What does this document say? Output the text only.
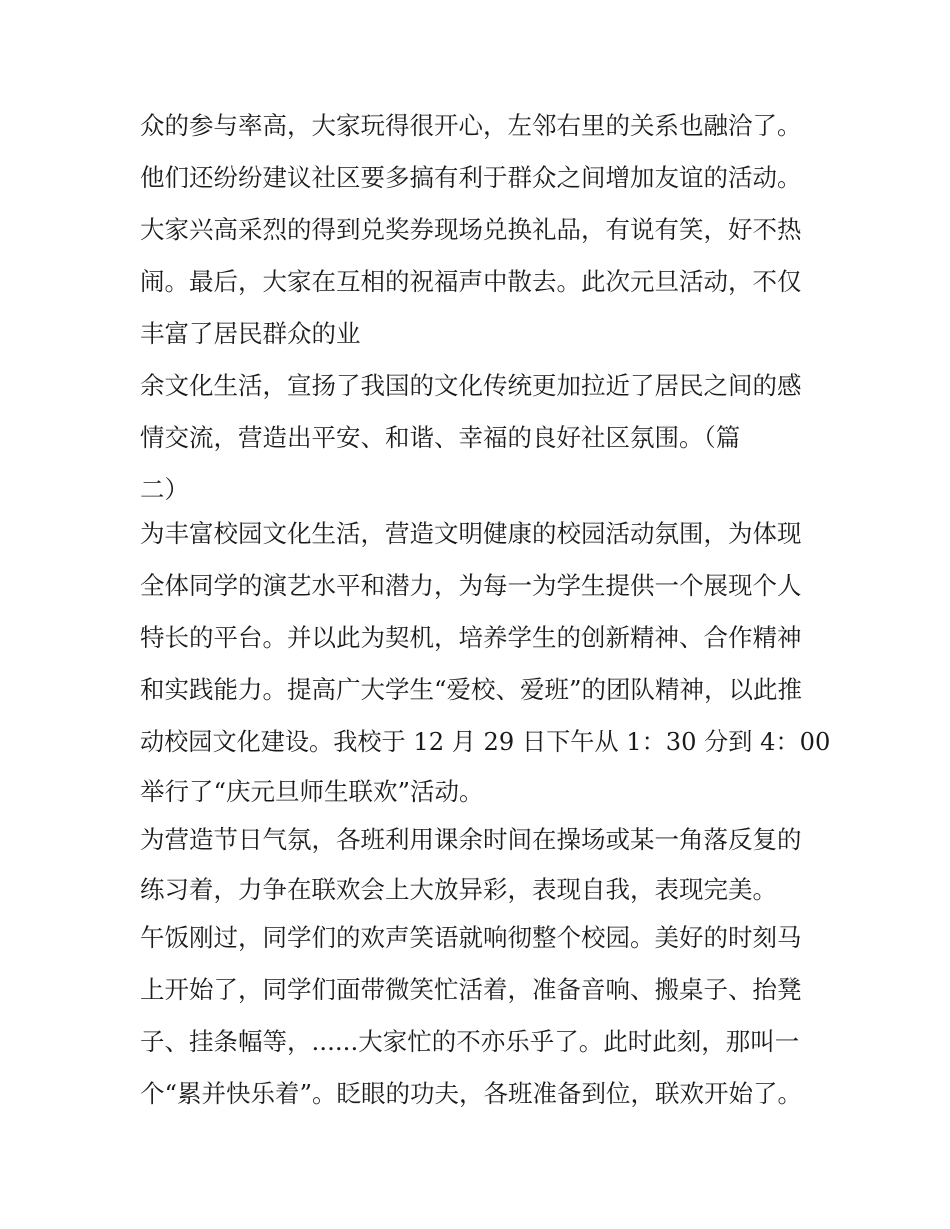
众的参与率高，大家玩得很开心，左邻右里的关系也融洽了。
他们还纷纷建议社区要多搞有利于群众之间增加友谊的活动。
大家兴高采烈的得到兑奖券现场兑换礼品，有说有笑，好不热
闹。最后，大家在互相的祝福声中散去。此次元旦活动，不仅
丰富了居民群众的业
余文化生活，宣扬了我国的文化传统更加拉近了居民之间的感
情交流，营造出平安、和谐、幸福的良好社区氛围。（篇
二）
为丰富校园文化生活，营造文明健康的校园活动氛围，为体现
全体同学的演艺水平和潜力，为每一为学生提供一个展现个人
特长的平台。并以此为契机，培养学生的创新精神、合作精神
和实践能力。提高广大学生“爱校、爱班”的团队精神，以此推
动校园文化建设。我校于 12 月 29 日下午从 1：30 分到 4：00
举行了“庆元旦师生联欢”活动。
为营造节日气氛，各班利用课余时间在操场或某一角落反复的
练习着，力争在联欢会上大放异彩，表现自我，表现完美。
午饭刚过，同学们的欢声笑语就响彻整个校园。美好的时刻马
上开始了，同学们面带微笑忙活着，准备音响、搬桌子、抬凳
子、挂条幅等，......大家忙的不亦乐乎了。此时此刻，那叫一
个“累并快乐着”。眨眼的功夫，各班准备到位，联欢开始了。
